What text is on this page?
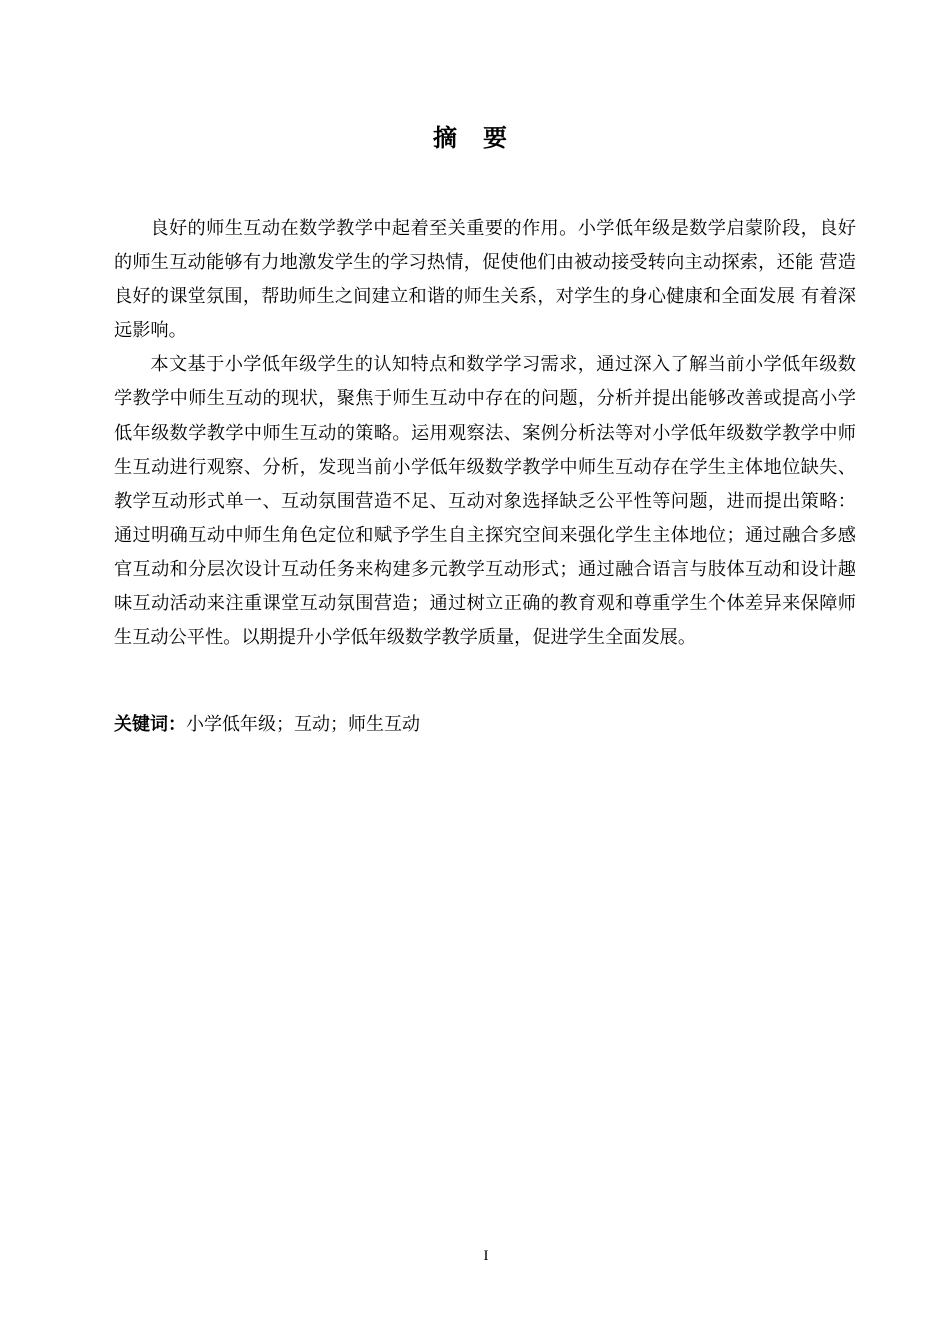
摘要

良好的师生互动在数学教学中起着至关重要的作用。小学低年级是数学启蒙阶段，良好的师生互动能够有力地激发学生的学习热情，促使他们由被动接受转向主动探索，还能 营造良好的课堂氛围，帮助师生之间建立和谐的师生关系，对学生的身心健康和全面发展 有着深远影响。

本文基于小学低年级学生的认知特点和数学学习需求，通过深入了解当前小学低年级数学教学中师生互动的现状，聚焦于师生互动中存在的问题，分析并提出能够改善或提高小学低年级数学教学中师生互动的策略。运用观察法、案例分析法等对小学低年级数学教学中师生互动进行观察、分析，发现当前小学低年级数学教学中师生互动存在学生主体地位缺失、教学互动形式单一、互动氛围营造不足、互动对象选择缺乏公平性等问题，进而提出策略：通过明确互动中师生角色定位和赋予学生自主探究空间来强化学生主体地位；通过融合多感官互动和分层次设计互动任务来构建多元教学互动形式；通过融合语言与肢体互动和设计趣味互动活动来注重课堂互动氛围营造；通过树立正确的教育观和尊重学生个体差异来保障师生互动公平性。以期提升小学低年级数学教学质量，促进学生全面发展。

关键词：小学低年级；互动；师生互动
I
